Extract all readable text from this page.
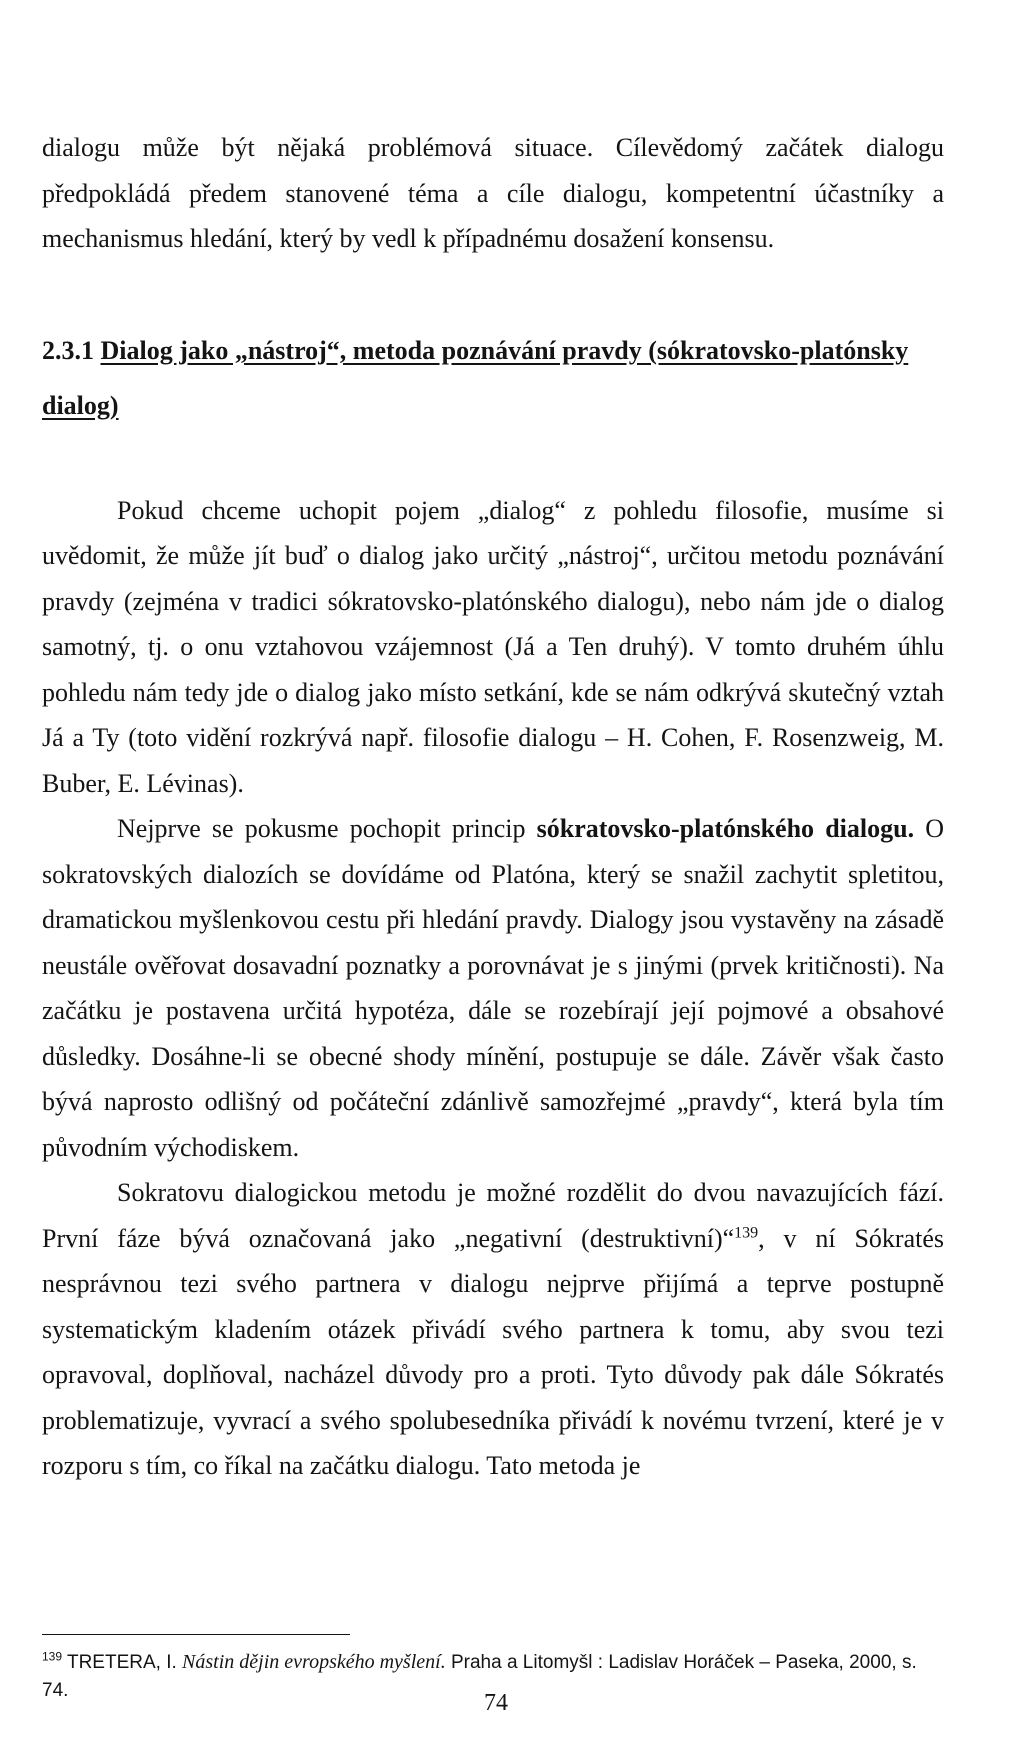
dialogu může být nějaká problémová situace. Cílevědomý začátek dialogu předpokládá předem stanovené téma a cíle dialogu, kompetentní účastníky a mechanismus hledání, který by vedl k případnému dosažení konsensu.

2.3.1 Dialog jako „nástroj“, metoda poznávání pravdy (sókratovsko-platónsky dialog)

Pokud chceme uchopit pojem „dialog“ z pohledu filosofie, musíme si uvědomit, že může jít buď o dialog jako určitý „nástroj“, určitou metodu poznávání pravdy (zejména v tradici sókratovsko-platónského dialogu), nebo nám jde o dialog samotný, tj. o onu vztahovou vzájemnost (Já a Ten druhý). V tomto druhém úhlu pohledu nám tedy jde o dialog jako místo setkání, kde se nám odkrývá skutečný vztah Já a Ty (toto vidění rozkrývá např. filosofie dialogu – H. Cohen, F. Rosenzweig, M. Buber, E. Lévinas).

Nejprve se pokusme pochopit princip sókratovsko-platónského dialogu. O sokratovských dialozích se dovídáme od Platóna, který se snažil zachytit spletitou, dramatickou myšlenkovou cestu při hledání pravdy. Dialogy jsou vystavěny na zásadě neustále ověřovat dosavadní poznatky a porovnávat je s jinými (prvek kritičnosti). Na začátku je postavena určitá hypotéza, dále se rozebírají její pojmové a obsahové důsledky. Dosáhne-li se obecné shody mínění, postupuje se dále. Závěr však často bývá naprosto odlišný od počáteční zdánlivě samozřejmé „pravdy“, která byla tím původním východiskem.

Sokratovu dialogickou metodu je možné rozdělit do dvou navazujících fází. První fáze bývá označovaná jako „negativní (destruktivní)“$^{139}$, v ní Sókratés nesprávnou tezi svého partnera v dialogu nejprve přijímá a teprve postupně systematickým kladením otázek přivádí svého partnera k tomu, aby svou tezi opravoval, doplňoval, nacházel důvody pro a proti. Tyto důvody pak dále Sókratés problematizuje, vyvrací a svého spolubesedníka přivádí k novému tvrzení, které je v rozporu s tím, co říkal na začátku dialogu. Tato metoda je

$^{139}$ TRETERA, I. Nástin dějin evropského myšlení. Praha a Litomyšl : Ladislav Horáček – Paseka, 2000, s. 74.	74
